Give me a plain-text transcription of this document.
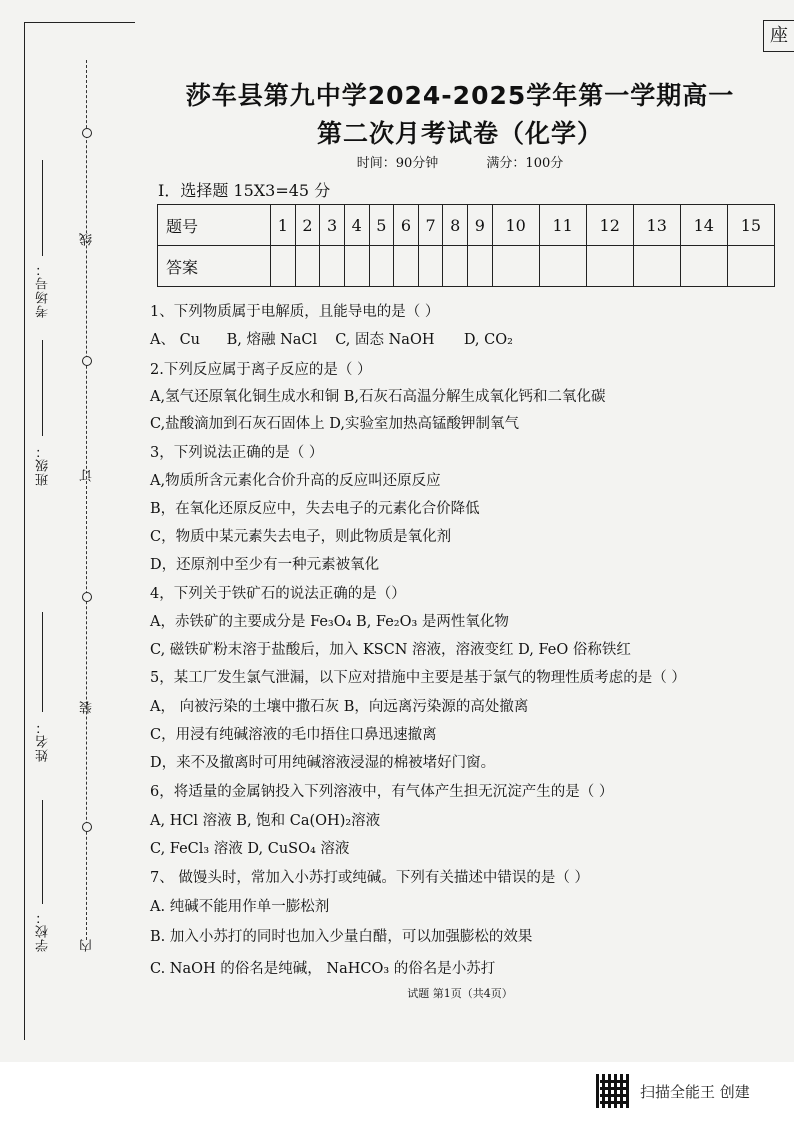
线
订
装
内
考场号：
班级：
姓名：
学校：
座
莎车县第九中学2024-2025学年第一学期高一
第二次月考试卷（化学）
时间：90分钟	满分：100分
I．选择题 15X3=45 分
题号	1	2	3	4	5	6	7	8	9	10	11	12	13	14	15
答案															
1、下列物质属于电解质，且能导电的是（ ）
A、 Cu B, 熔融 NaCl C, 固态 NaOH D, CO₂
2.下列反应属于离子反应的是（ ）
A,氢气还原氧化铜生成水和铜 B,石灰石高温分解生成氧化钙和二氧化碳
C,盐酸滴加到石灰石固体上 D,实验室加热高锰酸钾制氧气
3，下列说法正确的是（ ）
A,物质所含元素化合价升高的反应叫还原反应
B，在氧化还原反应中，失去电子的元素化合价降低
C，物质中某元素失去电子，则此物质是氧化剂
D，还原剂中至少有一种元素被氧化
4，下列关于铁矿石的说法正确的是（）
A，赤铁矿的主要成分是 Fe₃O₄ B, Fe₂O₃ 是两性氧化物
C, 磁铁矿粉末溶于盐酸后，加入 KSCN 溶液，溶液变红 D, FeO 俗称铁红
5，某工厂发生氯气泄漏，以下应对措施中主要是基于氯气的物理性质考虑的是（ ）
A， 向被污染的土壤中撒石灰 B，向远离污染源的高处撤离
C，用浸有纯碱溶液的毛巾捂住口鼻迅速撤离
D，来不及撤离时可用纯碱溶液浸湿的棉被堵好门窗。
6，将适量的金属钠投入下列溶液中，有气体产生担无沉淀产生的是（ ）
A, HCl 溶液 B, 饱和 Ca(OH)₂溶液
C, FeCl₃ 溶液 D, CuSO₄ 溶液
7、 做馒头时，常加入小苏打或纯碱。下列有关描述中错误的是（ ）
A. 纯碱不能用作单一膨松剂
B. 加入小苏打的同时也加入少量白醋，可以加强膨松的效果
C. NaOH 的俗名是纯碱， NaHCO₃ 的俗名是小苏打
试题 第1页（共4页）
扫描全能王 创建
